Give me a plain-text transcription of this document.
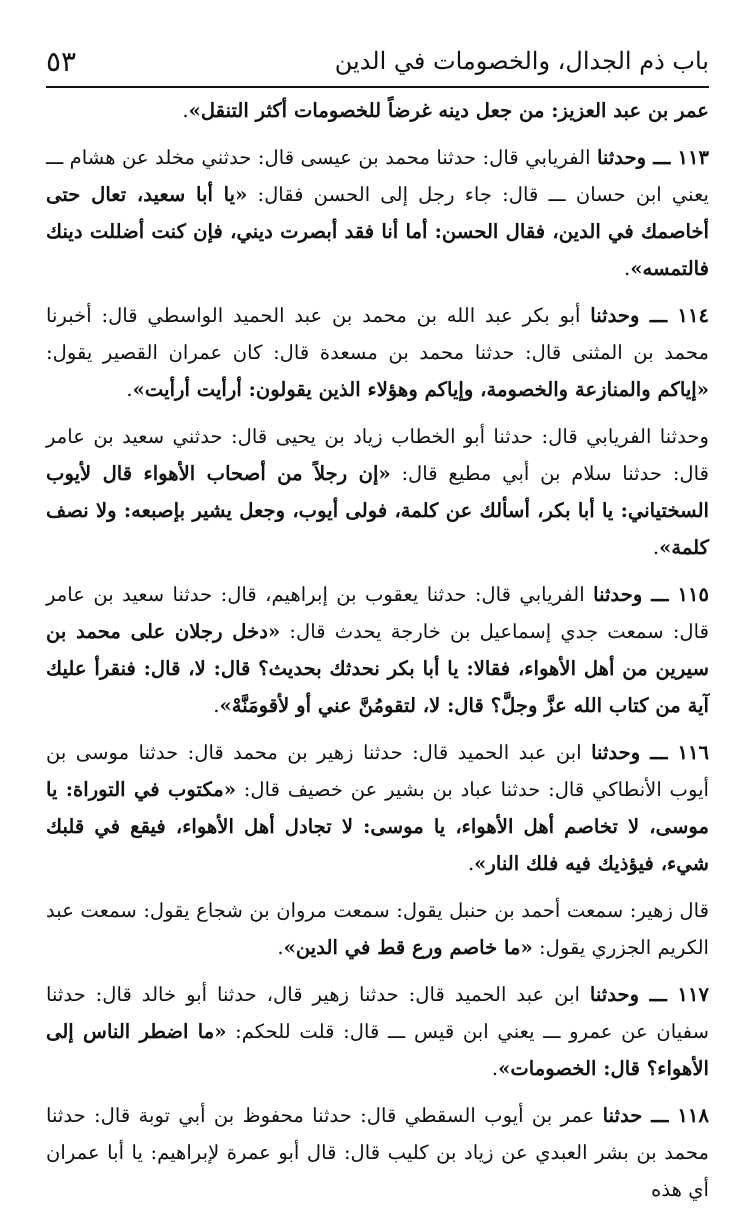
باب ذم الجدال، والخصومات في الدين
٥٣

عمر بن عبد العزيز: من جعل دينه غرضاً للخصومات أكثر التنقل».

١١٣ ـــ وحدثنا الفريابي قال: حدثنا محمد بن عيسى قال: حدثني مخلد عن هشام ـــ يعني ابن حسان ـــ قال: جاء رجل إلى الحسن فقال: «يا أبا سعيد، تعال حتى أخاصمك في الدين، فقال الحسن: أما أنا فقد أبصرت ديني، فإن كنت أضللت دينك فالتمسه».

١١٤ ـــ وحدثنا أبو بكر عبد الله بن محمد بن عبد الحميد الواسطي قال: أخبرنا محمد بن المثنى قال: حدثنا محمد بن مسعدة قال: كان عمران القصير يقول: «إياكم والمنازعة والخصومة، وإياكم وهؤلاء الذين يقولون: أرأيت أرأيت».

وحدثنا الفريابي قال: حدثنا أبو الخطاب زياد بن يحيى قال: حدثني سعيد بن عامر قال: حدثنا سلام بن أبي مطيع قال: «إن رجلاً من أصحاب الأهواء قال لأيوب السختياني: يا أبا بكر، أسألك عن كلمة، فولى أيوب، وجعل يشير بإصبعه: ولا نصف كلمة».

١١٥ ـــ وحدثنا الفريابي قال: حدثنا يعقوب بن إبراهيم، قال: حدثنا سعيد بن عامر قال: سمعت جدي إسماعيل بن خارجة يحدث قال: «دخل رجلان على محمد بن سيرين من أهل الأهواء، فقالا: يا أبا بكر نحدثك بحديث؟ قال: لا، قال: فنقرأ عليك آية من كتاب الله عزَّ وجلَّ؟ قال: لا، لتقومُنَّ عني أو لأقومَنَّهْ».

١١٦ ـــ وحدثنا ابن عبد الحميد قال: حدثنا زهير بن محمد قال: حدثنا موسى بن أيوب الأنطاكي قال: حدثنا عباد بن بشير عن خصيف قال: «مكتوب في التوراة: يا موسى، لا تخاصم أهل الأهواء، يا موسى: لا تجادل أهل الأهواء، فيقع في قلبك شيء، فيؤذيك فيه فلك النار».

قال زهير: سمعت أحمد بن حنبل يقول: سمعت مروان بن شجاع يقول: سمعت عبد الكريم الجزري يقول: «ما خاصم ورع قط في الدين».

١١٧ ـــ وحدثنا ابن عبد الحميد قال: حدثنا زهير قال، حدثنا أبو خالد قال: حدثنا سفيان عن عمرو ـــ يعني ابن قيس ـــ قال: قلت للحكم: «ما اضطر الناس إلى الأهواء؟ قال: الخصومات».

١١٨ ـــ حدثنا عمر بن أيوب السقطي قال: حدثنا محفوظ بن أبي توبة قال: حدثنا محمد بن بشر العبدي عن زياد بن كليب قال: قال أبو عمرة لإبراهيم: يا أبا عمران أي هذه
